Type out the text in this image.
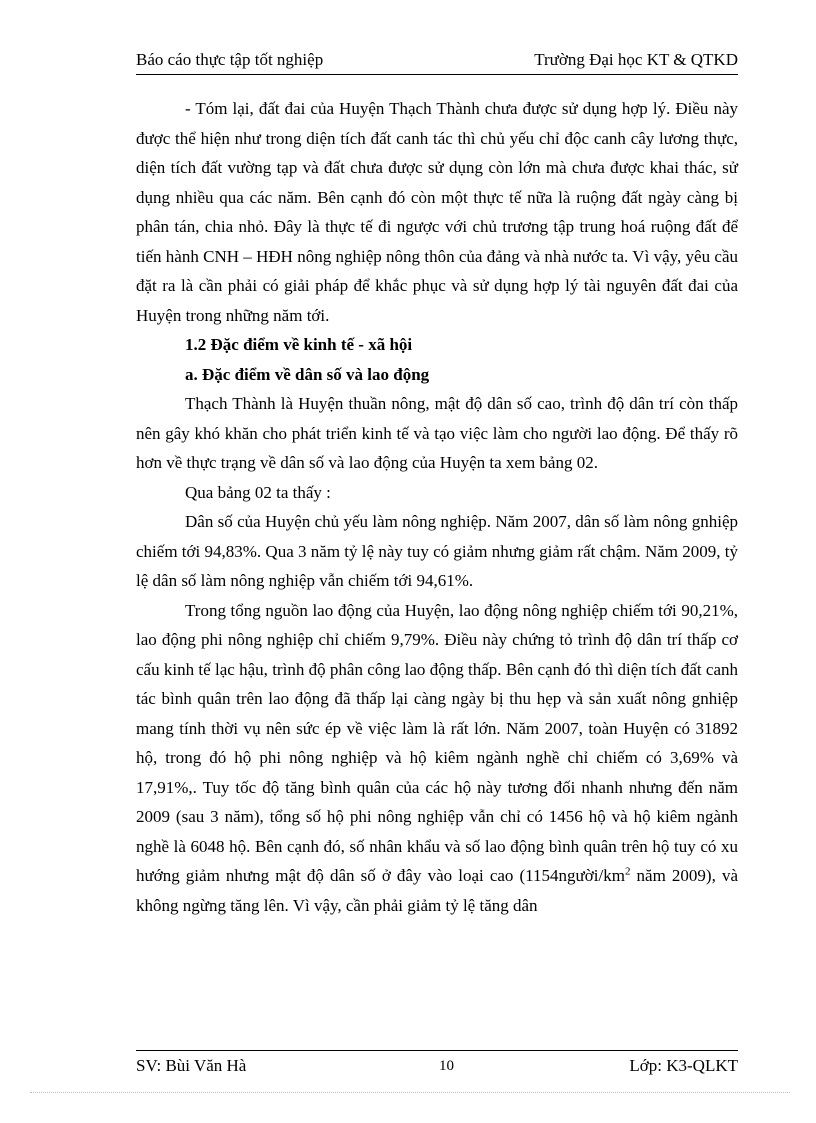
Báo cáo thực tập tốt nghiệp	Trường Đại học KT & QTKD

- Tóm lại, đất đai của Huyện Thạch Thành chưa được sử dụng hợp lý. Điều này được thể hiện như trong diện tích đất canh tác thì chủ yếu chỉ độc canh cây lương thực, diện tích đất vường tạp và đất chưa được sử dụng còn lớn mà chưa được khai thác, sử dụng nhiều qua các năm. Bên cạnh đó còn một thực tế nữa là ruộng đất ngày càng bị phân tán, chia nhỏ. Đây là thực tế đi ngược với chủ trương tập trung hoá ruộng đất để tiến hành CNH – HĐH nông nghiệp nông thôn của đảng và nhà nước ta. Vì vậy, yêu cầu đặt ra là cần phải có giải pháp để khắc phục và sử dụng hợp lý tài nguyên đất đai của Huyện trong những năm tới.

1.2 Đặc điểm về kinh tế - xã hội

a. Đặc điểm về dân số và lao động

Thạch Thành là Huyện thuần nông, mật độ dân số cao, trình độ dân trí còn thấp nên gây khó khăn cho phát triển kinh tế và tạo việc làm cho người lao động. Để thấy rõ hơn về thực trạng về dân số và lao động của Huyện ta xem bảng 02.

Qua bảng 02 ta thấy :

Dân số của Huyện chủ yếu làm nông nghiệp. Năm 2007, dân số làm nông gnhiệp chiếm tới 94,83%. Qua 3 năm tỷ lệ này tuy có giảm nhưng giảm rất chậm. Năm 2009, tỷ lệ dân số làm nông nghiệp vẫn chiếm tới 94,61%.

Trong tổng nguồn lao động của Huyện, lao động nông nghiệp chiếm tới 90,21%, lao động phi nông nghiệp chỉ chiếm 9,79%. Điều này chứng tỏ trình độ dân trí thấp cơ cấu kinh tế lạc hậu, trình độ phân công lao động thấp. Bên cạnh đó thì diện tích đất canh tác bình quân trên lao động đã thấp lại càng ngày bị thu hẹp và sản xuất nông gnhiệp mang tính thời vụ nên sức ép về việc làm là rất lớn. Năm 2007, toàn Huyện có 31892 hộ, trong đó hộ phi nông nghiệp và hộ kiêm ngành nghề chỉ chiếm có 3,69% và 17,91%,. Tuy tốc độ tăng bình quân của các hộ này tương đối nhanh nhưng đến năm 2009 (sau 3 năm), tổng số hộ phi nông nghiệp vẫn chỉ có 1456 hộ và hộ kiêm ngành nghề là 6048 hộ. Bên cạnh đó, số nhân khẩu và số lao động bình quân trên hộ tuy có xu hướng giảm nhưng mật độ dân số ở đây vào loại cao ($1154người/km^2$ năm 2009), và không ngừng tăng lên. Vì vậy, cần phải giảm tỷ lệ tăng dân

SV: Bùi Văn Hà	10	Lớp: K3-QLKT
